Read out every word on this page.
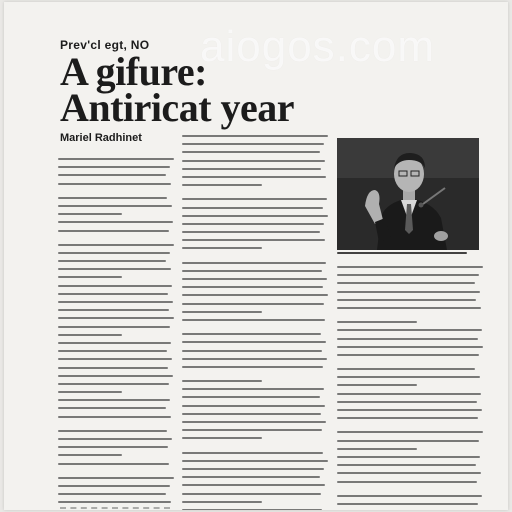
Prev'cl egt, NO aiogos.com
A gifure:
Antiricat year
Mariel Radhinet
